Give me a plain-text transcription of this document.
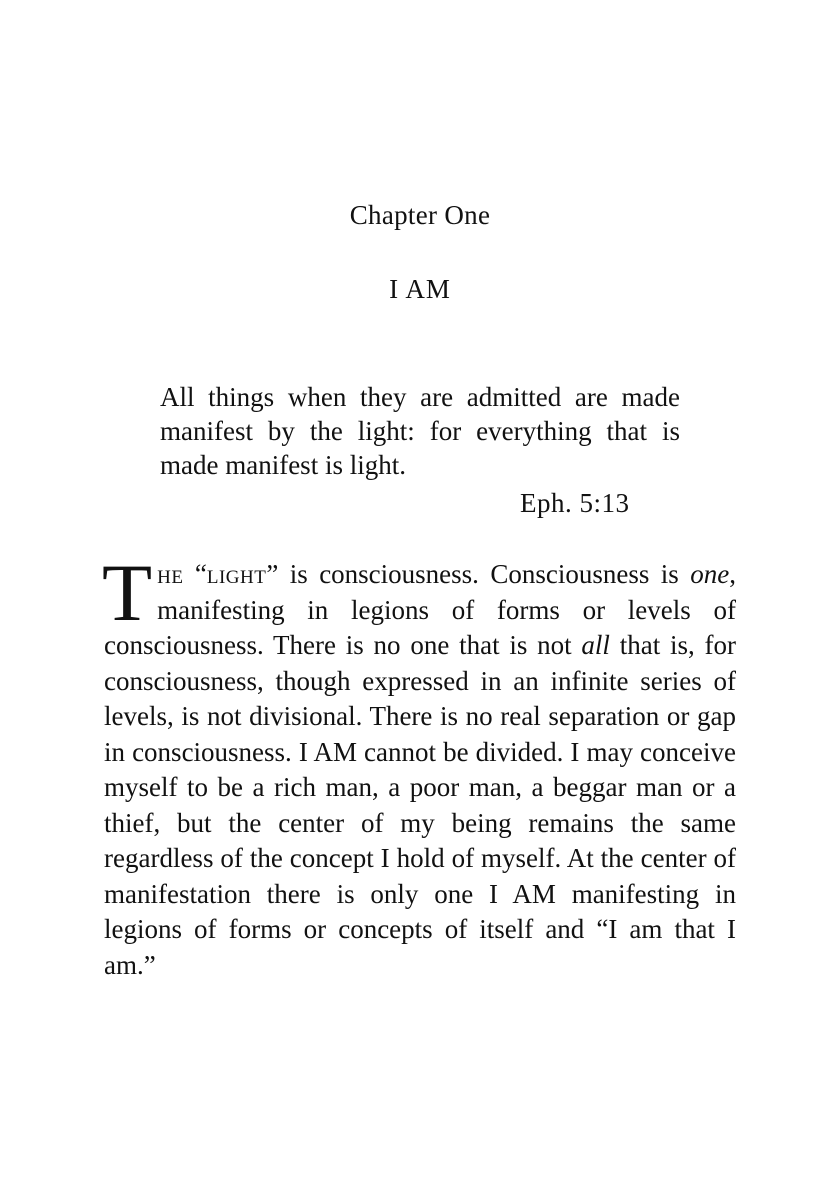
Chapter One
I AM
All things when they are admitted are made manifest by the light: for everything that is made manifest is light.
Eph. 5:13
The “light” is consciousness. Consciousness is one, manifesting in legions of forms or levels of consciousness. There is no one that is not all that is, for consciousness, though expressed in an infinite series of levels, is not divisional. There is no real separation or gap in consciousness. I AM cannot be divided. I may conceive myself to be a rich man, a poor man, a beggar man or a thief, but the center of my being remains the same regardless of the concept I hold of myself. At the center of manifestation there is only one I AM manifesting in legions of forms or concepts of itself and “I am that I am.”
